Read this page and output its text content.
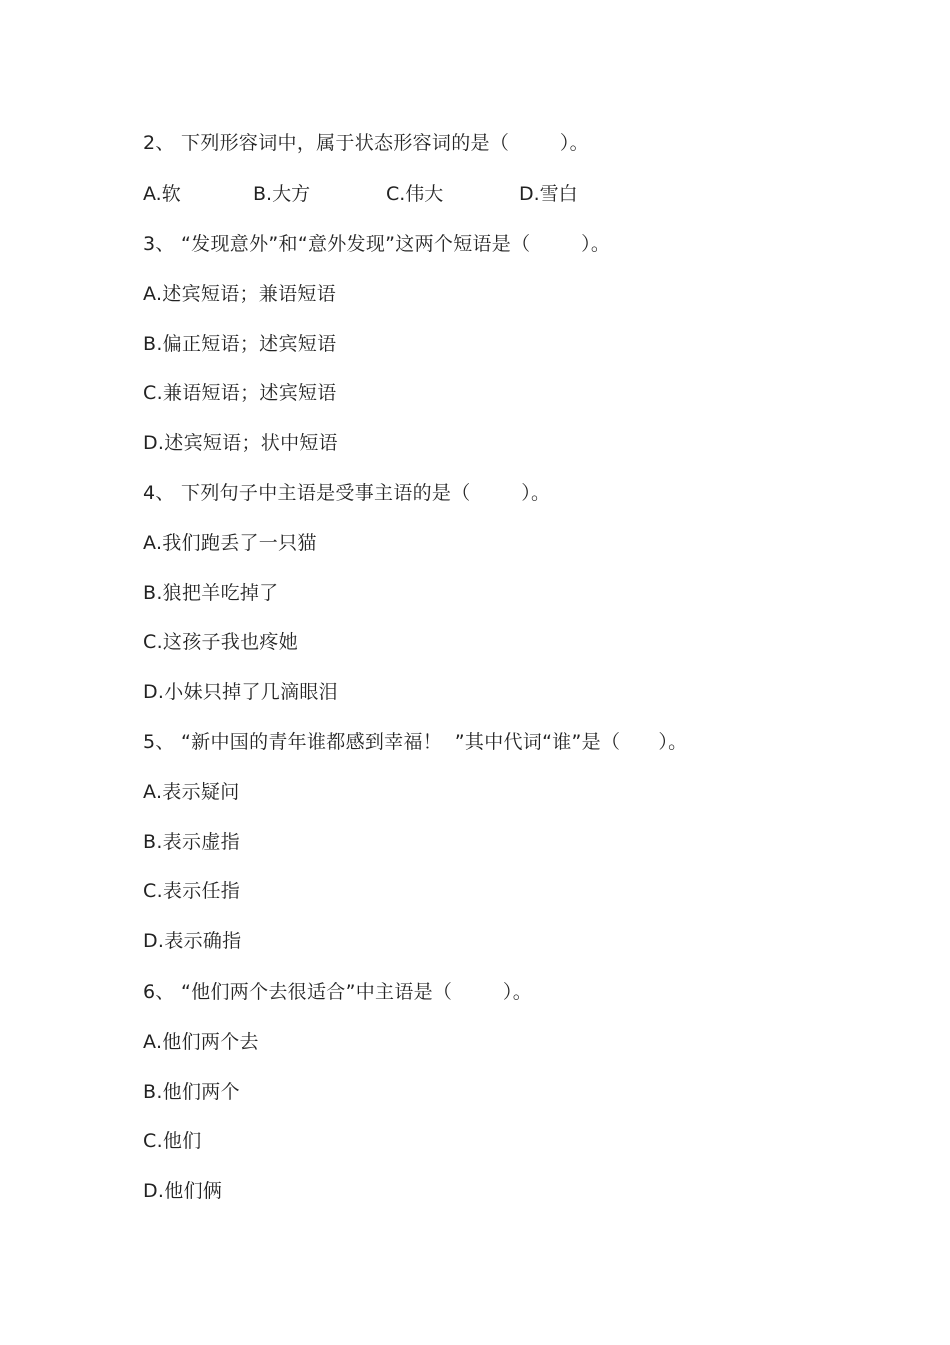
2、 下列形容词中，属于状态形容词的是（        ）。
A.软	B.大方	C.伟大	D.雪白
3、 “发现意外”和“意外发现”这两个短语是（        ）。
A.述宾短语；兼语短语
B.偏正短语；述宾短语
C.兼语短语；述宾短语
D.述宾短语；状中短语
4、 下列句子中主语是受事主语的是（        ）。
A.我们跑丢了一只猫
B.狼把羊吃掉了
C.这孩子我也疼她
D.小妹只掉了几滴眼泪
5、 “新中国的青年谁都感到幸福！  ”其中代词“谁”是（      ）。
A.表示疑问
B.表示虚指
C.表示任指
D.表示确指
6、 “他们两个去很适合”中主语是（        ）。
A.他们两个去
B.他们两个
C.他们
D.他们俩
